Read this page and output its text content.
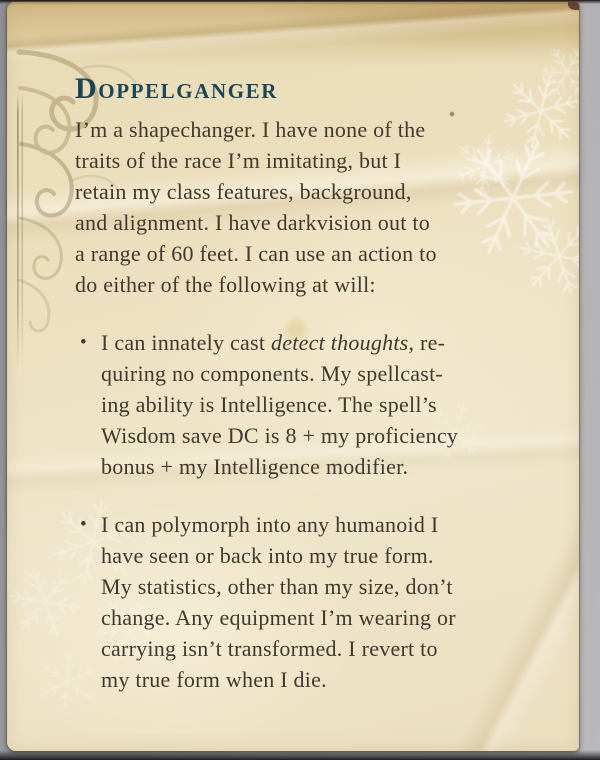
Doppelganger
I’m a shapechanger. I have none of the
traits of the race I’m imitating, but I
retain my class features, background,
and alignment. I have darkvision out to
a range of 60 feet. I can use an action to
do either of the following at will:
• I can innately cast detect thoughts, re-
quiring no components. My spellcast-
ing ability is Intelligence. The spell’s
Wisdom save DC is 8 + my proficiency
bonus + my Intelligence modifier.
• I can polymorph into any humanoid I
have seen or back into my true form.
My statistics, other than my size, don’t
change. Any equipment I’m wearing or
carrying isn’t transformed. I revert to
my true form when I die.
